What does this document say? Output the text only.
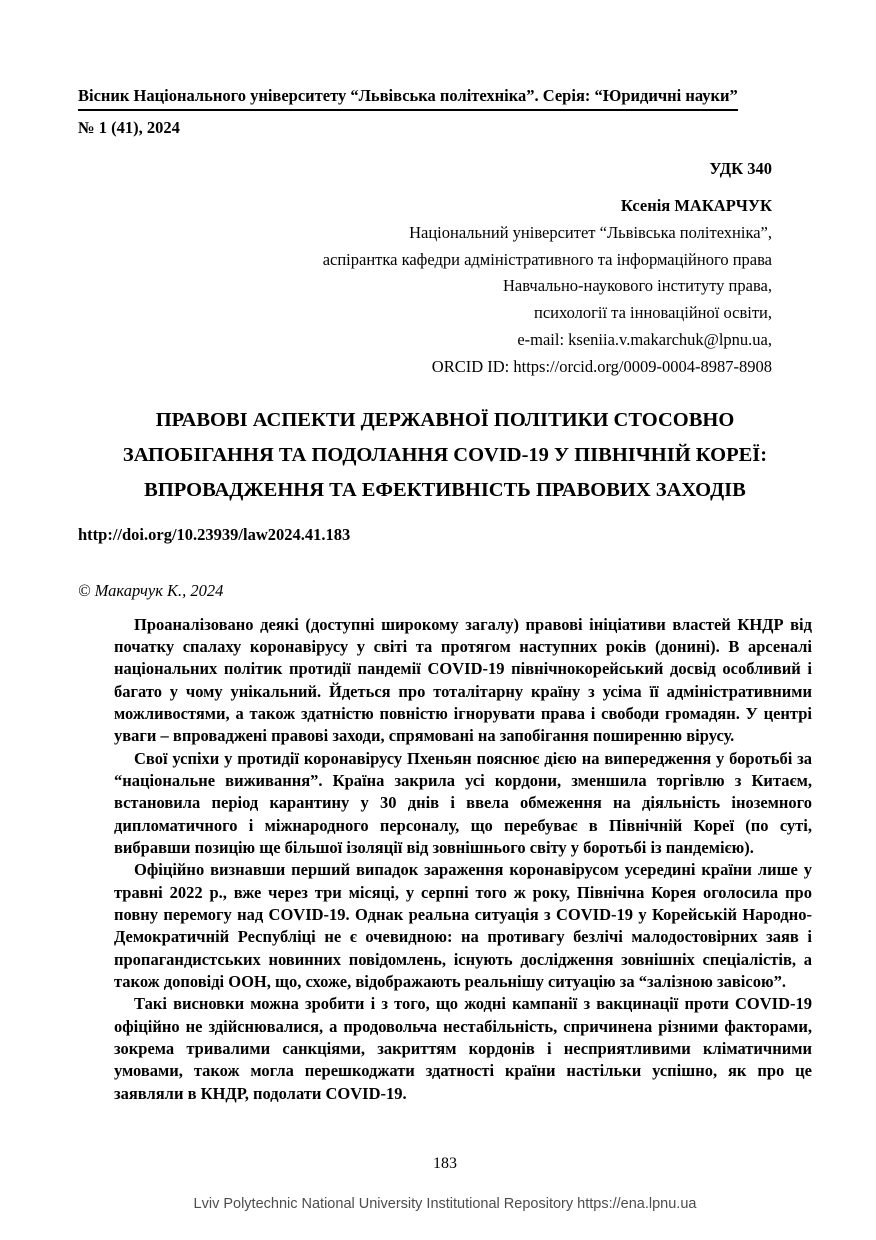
Вісник Національного університету “Львівська політехніка”. Серія: “Юридичні науки”
№ 1 (41), 2024
УДК 340
Ксенія МАКАРЧУК
Національний університет “Львівська політехніка”,
аспірантка кафедри адміністративного та інформаційного права
Навчально-наукового інституту права,
психології та інноваційної освіти,
e-mail: kseniia.v.makarchuk@lpnu.ua,
ORCID ID: https://orcid.org/0009-0004-8987-8908
ПРАВОВІ АСПЕКТИ ДЕРЖАВНОЇ ПОЛІТИКИ СТОСОВНО
ЗАПОБІГАННЯ ТА ПОДОЛАННЯ COVID-19 У ПІВНІЧНІЙ КОРЕЇ:
ВПРОВАДЖЕННЯ ТА ЕФЕКТИВНІСТЬ ПРАВОВИХ ЗАХОДІВ
http://doi.org/10.23939/law2024.41.183
© Макарчук К., 2024

Проаналізовано деякі (доступні широкому загалу) правові ініціативи властей КНДР від початку спалаху коронавірусу у світі та протягом наступних років (донині). В арсеналі національних політик протидії пандемії COVID-19 північнокорейський досвід особливий і багато у чому унікальний. Йдеться про тоталітарну країну з усіма її адміністративними можливостями, а також здатністю повністю ігнорувати права і свободи громадян. У центрі уваги – впроваджені правові заходи, спрямовані на запобігання поширенню вірусу.

Свої успіхи у протидії коронавірусу Пхеньян пояснює дією на випередження у боротьбі за “національне виживання”. Країна закрила усі кордони, зменшила торгівлю з Китаєм, встановила період карантину у 30 днів і ввела обмеження на діяльність іноземного дипломатичного і міжнародного персоналу, що перебуває в Північній Кореї (по суті, вибравши позицію ще більшої ізоляції від зовнішнього світу у боротьбі із пандемією).

Офіційно визнавши перший випадок зараження коронавірусом усередині країни лише у травні 2022 р., вже через три місяці, у серпні того ж року, Північна Корея оголосила про повну перемогу над COVID-19. Однак реальна ситуація з COVID-19 у Корейській Народно-Демократичній Республіці не є очевидною: на противагу безлічі малодостовірних заяв і пропагандистських новинних повідомлень, існують дослідження зовнішніх спеціалістів, а також доповіді ООН, що, схоже, відображають реальнішу ситуацію за “залізною завісою”.

Такі висновки можна зробити і з того, що жодні кампанії з вакцинації проти COVID-19 офіційно не здійснювалися, а продовольча нестабільність, спричинена різними факторами, зокрема тривалими санкціями, закриттям кордонів і несприятливими кліматичними умовами, також могла перешкоджати здатності країни настільки успішно, як про це заявляли в КНДР, подолати COVID-19.

183
Lviv Polytechnic National University Institutional Repository https://ena.lpnu.ua
